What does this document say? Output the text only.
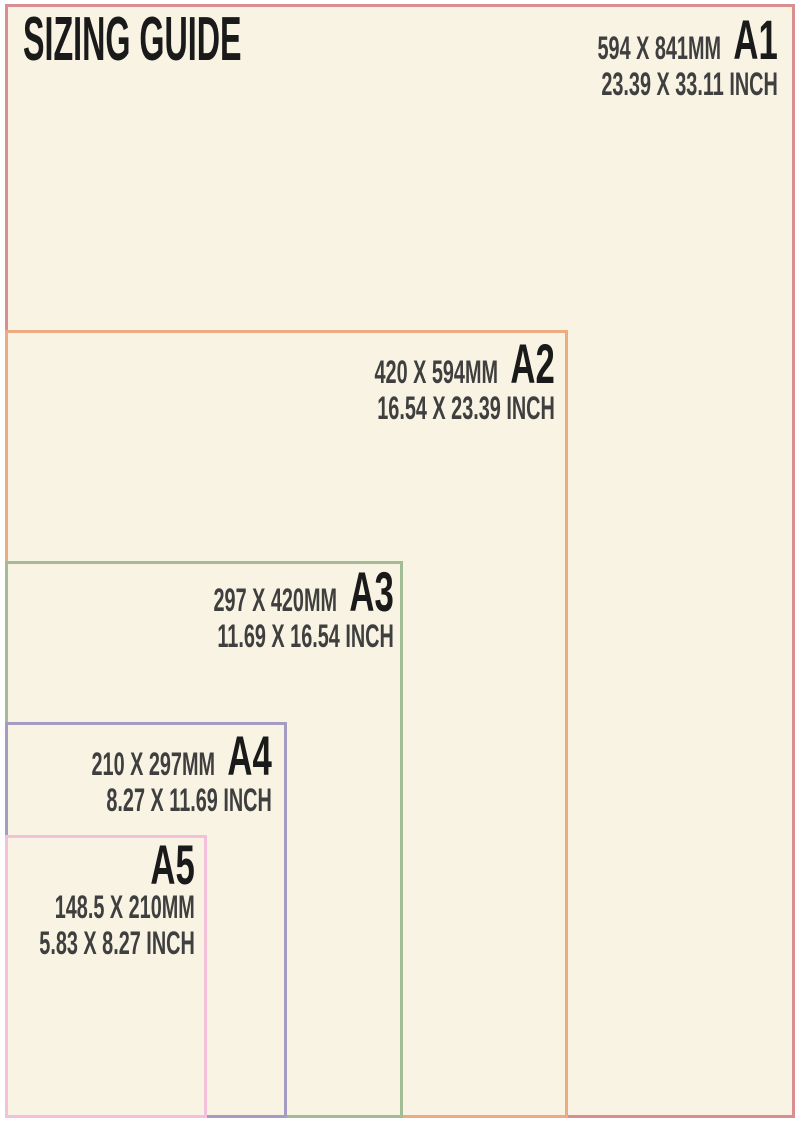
SIZING GUIDE	594 X 841MM A1
23.39 X 33.11 INCH
420 X 594MM A2
16.54 X 23.39 INCH
297 X 420MM A3
11.69 X 16.54 INCH
210 X 297MM A4
8.27 X 11.69 INCH
A5
148.5 X 210MM
5.83 X 8.27 INCH
